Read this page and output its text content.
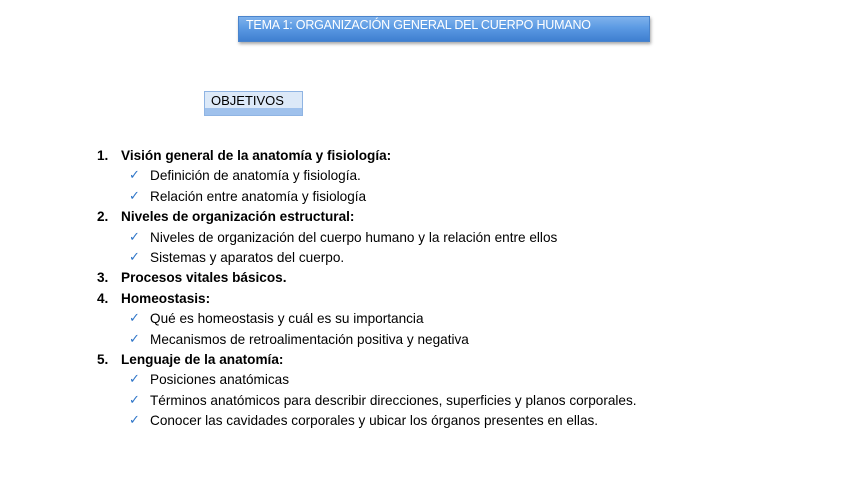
TEMA 1: ORGANIZACIÓN GENERAL DEL CUERPO HUMANO
OBJETIVOS
1. Visión general de la anatomía y fisiología:
✓ Definición de anatomía y fisiología.
✓ Relación entre anatomía y fisiología
2. Niveles de organización estructural:
✓ Niveles de organización del cuerpo humano y la relación entre ellos
✓ Sistemas y aparatos del cuerpo.
3. Procesos vitales básicos.
4. Homeostasis:
✓ Qué es homeostasis y cuál es su importancia
✓ Mecanismos de retroalimentación positiva y negativa
5. Lenguaje de la anatomía:
✓ Posiciones anatómicas
✓ Términos anatómicos para describir direcciones, superficies y planos corporales.
✓ Conocer las cavidades corporales y ubicar los órganos presentes en ellas.
